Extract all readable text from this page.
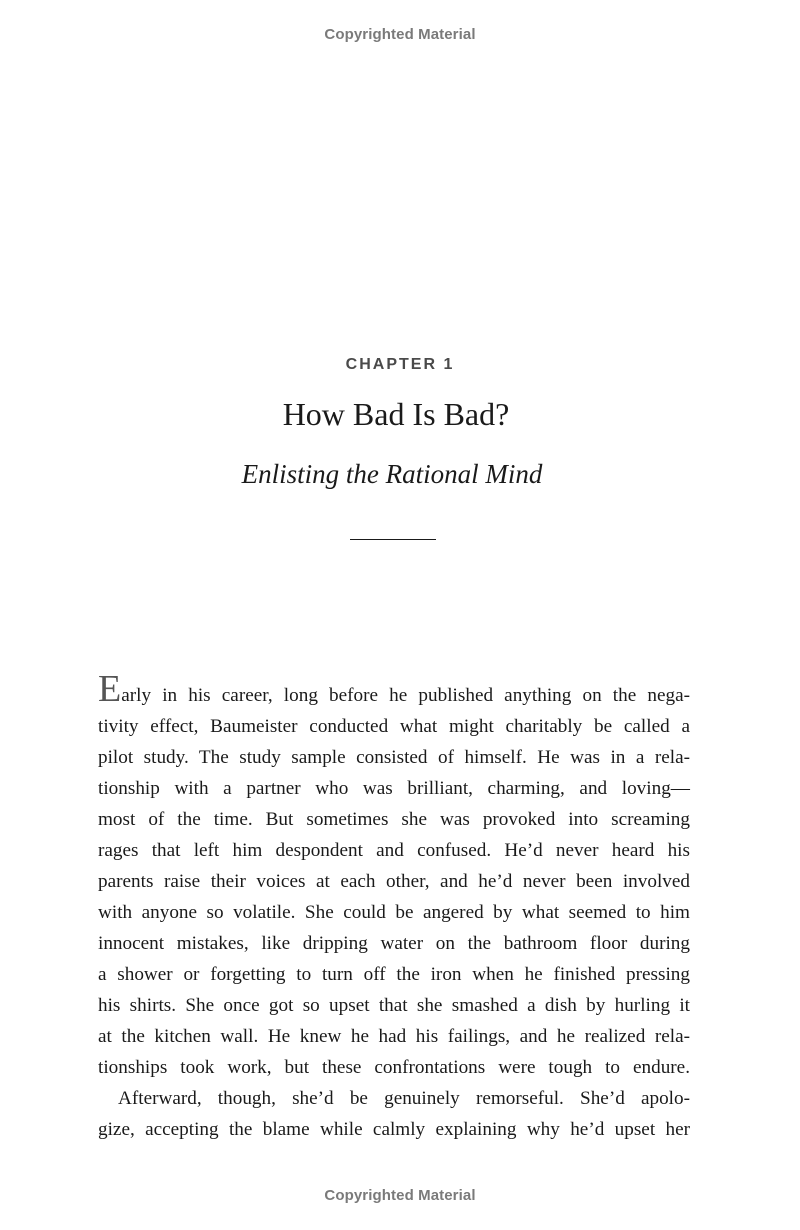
Copyrighted Material
CHAPTER 1
How Bad Is Bad?
Enlisting the Rational Mind
Early in his career, long before he published anything on the nega-
tivity effect, Baumeister conducted what might charitably be called a
pilot study. The study sample consisted of himself. He was in a rela-
tionship with a partner who was brilliant, charming, and loving—
most of the time. But sometimes she was provoked into screaming
rages that left him despondent and confused. He’d never heard his
parents raise their voices at each other, and he’d never been involved
with anyone so volatile. She could be angered by what seemed to him
innocent mistakes, like dripping water on the bathroom floor during
a shower or forgetting to turn off the iron when he finished pressing
his shirts. She once got so upset that she smashed a dish by hurling it
at the kitchen wall. He knew he had his failings, and he realized rela-
tionships took work, but these confrontations were tough to endure.
Afterward, though, she’d be genuinely remorseful. She’d apolo-
gize, accepting the blame while calmly explaining why he’d upset her
Copyrighted Material
